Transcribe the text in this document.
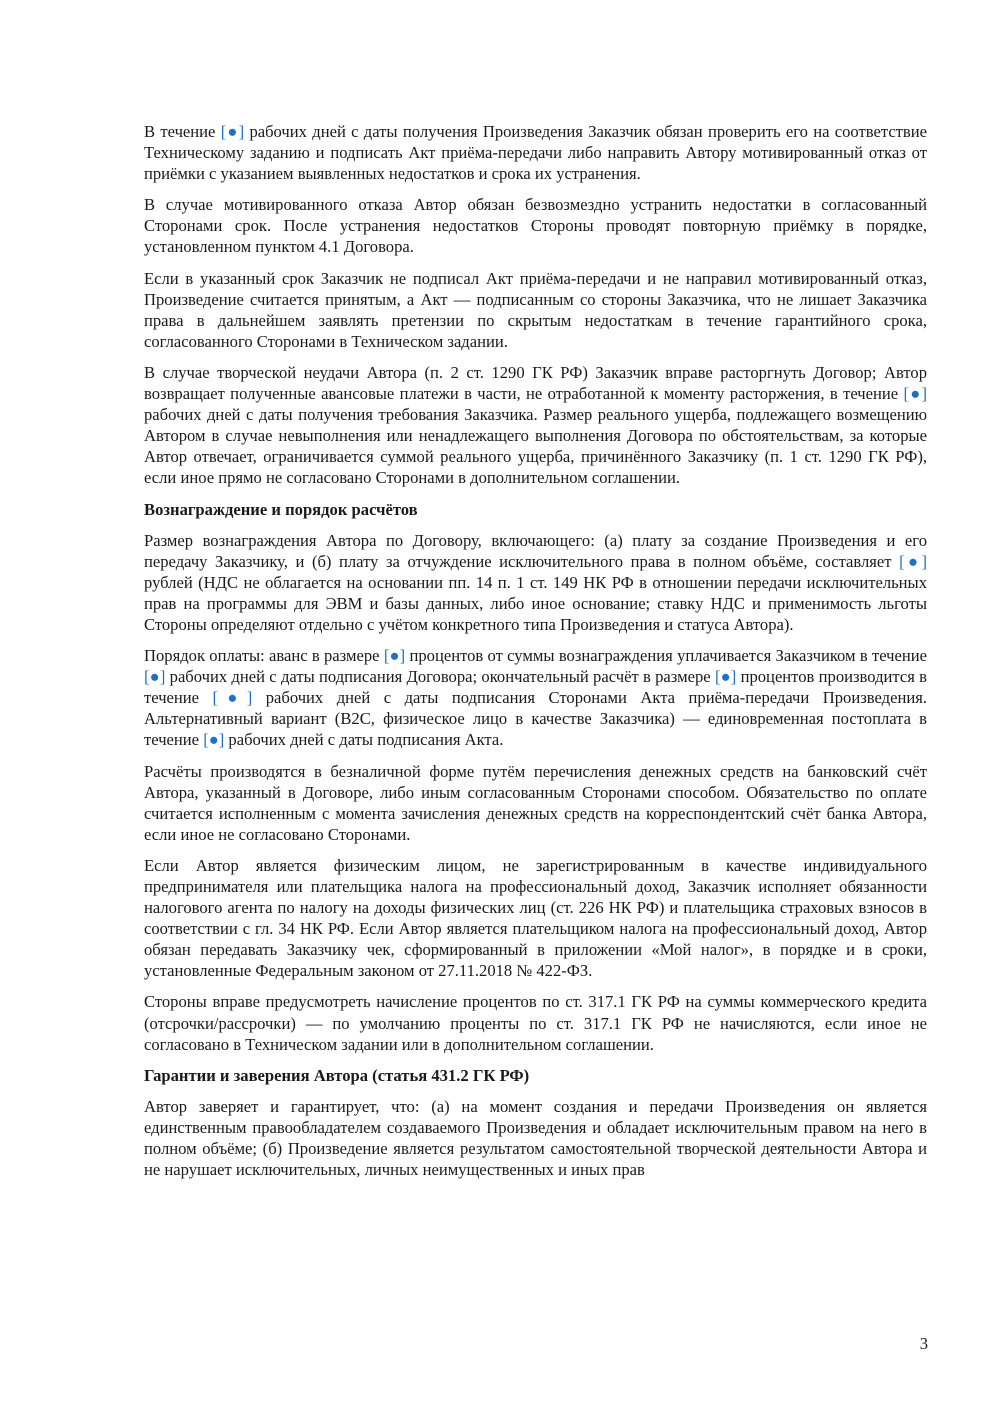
В течение [●] рабочих дней с даты получения Произведения Заказчик обязан проверить его на соответствие Техническому заданию и подписать Акт приёма-передачи либо направить Автору мотивированный отказ от приёмки с указанием выявленных недостатков и срока их устранения.
В случае мотивированного отказа Автор обязан безвозмездно устранить недостатки в согласованный Сторонами срок. После устранения недостатков Стороны проводят повторную приёмку в порядке, установленном пунктом 4.1 Договора.
Если в указанный срок Заказчик не подписал Акт приёма-передачи и не направил мотивированный отказ, Произведение считается принятым, а Акт — подписанным со стороны Заказчика, что не лишает Заказчика права в дальнейшем заявлять претензии по скрытым недостаткам в течение гарантийного срока, согласованного Сторонами в Техническом задании.
В случае творческой неудачи Автора (п. 2 ст. 1290 ГК РФ) Заказчик вправе расторгнуть Договор; Автор возвращает полученные авансовые платежи в части, не отработанной к моменту расторжения, в течение [●] рабочих дней с даты получения требования Заказчика. Размер реального ущерба, подлежащего возмещению Автором в случае невыполнения или ненадлежащего выполнения Договора по обстоятельствам, за которые Автор отвечает, ограничивается суммой реального ущерба, причинённого Заказчику (п. 1 ст. 1290 ГК РФ), если иное прямо не согласовано Сторонами в дополнительном соглашении.
Вознаграждение и порядок расчётов
Размер вознаграждения Автора по Договору, включающего: (а) плату за создание Произведения и его передачу Заказчику, и (б) плату за отчуждение исключительного права в полном объёме, составляет [●] рублей (НДС не облагается на основании пп. 14 п. 1 ст. 149 НК РФ в отношении передачи исключительных прав на программы для ЭВМ и базы данных, либо иное основание; ставку НДС и применимость льготы Стороны определяют отдельно с учётом конкретного типа Произведения и статуса Автора).
Порядок оплаты: аванс в размере [●] процентов от суммы вознаграждения уплачивается Заказчиком в течение [●] рабочих дней с даты подписания Договора; окончательный расчёт в размере [●] процентов производится в течение [●] рабочих дней с даты подписания Сторонами Акта приёма-передачи Произведения. Альтернативный вариант (B2C, физическое лицо в качестве Заказчика) — единовременная постоплата в течение [●] рабочих дней с даты подписания Акта.
Расчёты производятся в безналичной форме путём перечисления денежных средств на банковский счёт Автора, указанный в Договоре, либо иным согласованным Сторонами способом. Обязательство по оплате считается исполненным с момента зачисления денежных средств на корреспондентский счёт банка Автора, если иное не согласовано Сторонами.
Если Автор является физическим лицом, не зарегистрированным в качестве индивидуального предпринимателя или плательщика налога на профессиональный доход, Заказчик исполняет обязанности налогового агента по налогу на доходы физических лиц (ст. 226 НК РФ) и плательщика страховых взносов в соответствии с гл. 34 НК РФ. Если Автор является плательщиком налога на профессиональный доход, Автор обязан передавать Заказчику чек, сформированный в приложении «Мой налог», в порядке и в сроки, установленные Федеральным законом от 27.11.2018 № 422-ФЗ.
Стороны вправе предусмотреть начисление процентов по ст. 317.1 ГК РФ на суммы коммерческого кредита (отсрочки/рассрочки) — по умолчанию проценты по ст. 317.1 ГК РФ не начисляются, если иное не согласовано в Техническом задании или в дополнительном соглашении.
Гарантии и заверения Автора (статья 431.2 ГК РФ)
Автор заверяет и гарантирует, что: (а) на момент создания и передачи Произведения он является единственным правообладателем создаваемого Произведения и обладает исключительным правом на него в полном объёме; (б) Произведение является результатом самостоятельной творческой деятельности Автора и не нарушает исключительных, личных неимущественных и иных прав
3
